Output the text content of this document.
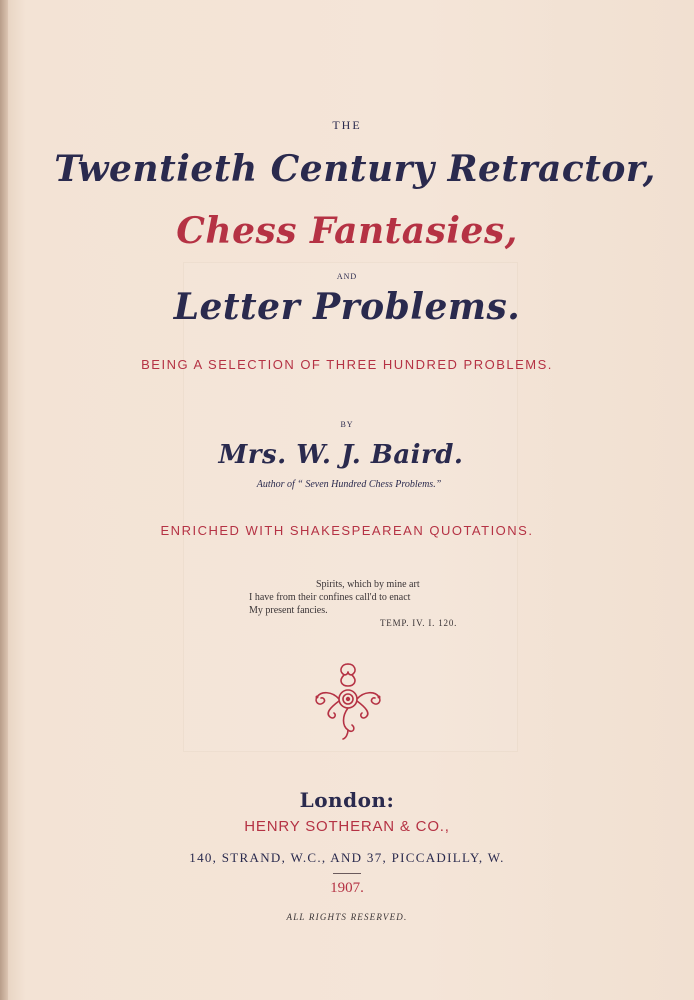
THE
Twentieth Century Retractor,
Chess Fantasies,
AND
Letter Problems.
BEING A SELECTION OF THREE HUNDRED PROBLEMS.
BY
Mrs. W. J. Baird.
Author of “ Seven Hundred Chess Problems.”
ENRICHED WITH SHAKESPEAREAN QUOTATIONS.
Spirits, which by mine art
I have from their confines call'd to enact
My present fancies.
TEMP. IV. I. 120.
London:
HENRY SOTHERAN & CO.,
140, STRAND, W.C., AND 37, PICCADILLY, W.
1907.
ALL RIGHTS RESERVED.
